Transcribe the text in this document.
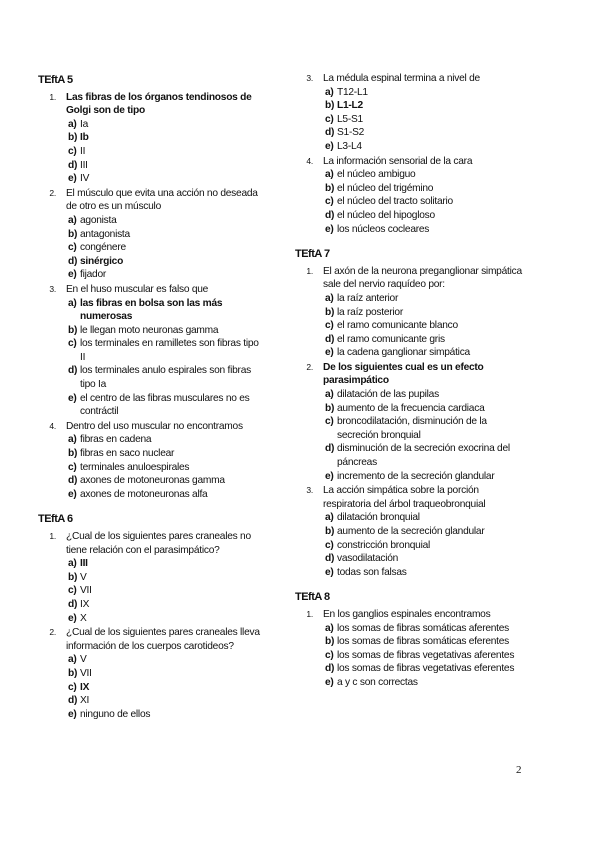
TEftA 5
1. Las fibras de los órganos tendinosos de Golgi son de tipo
a) Ia
b) Ib
c) II
d) III
e) IV
2. El músculo que evita una acción no deseada de otro es un músculo
a) agonista
b) antagonista
c) congénere
d) sinérgico
e) fijador
3. En el huso muscular es falso que
a) las fibras en bolsa son las más numerosas
b) le llegan moto neuronas gamma
c) los terminales en ramilletes son fibras tipo II
d) los terminales anulo espirales son fibras tipo Ia
e) el centro de las fibras musculares no es contráctil
4. Dentro del uso muscular no encontramos
a) fibras en cadena
b) fibras en saco nuclear
c) terminales anuloespirales
d) axones de motoneuronas gamma
e) axones de motoneuronas alfa
TEftA 6
1. ¿Cual de los siguientes pares craneales no tiene relación con el parasimpático?
a) III
b) V
c) VII
d) IX
e) X
2. ¿Cual de los siguientes pares craneales lleva información de los cuerpos carotideos?
a) V
b) VII
c) IX
d) XI
e) ninguno de ellos
3. La médula espinal termina a nivel de
a) T12-L1
b) L1-L2
c) L5-S1
d) S1-S2
e) L3-L4
4. La información sensorial de la cara
a) el núcleo ambiguo
b) el núcleo del trigémino
c) el núcleo del tracto solitario
d) el núcleo del hipogloso
e) los núcleos cocleares
TEftA 7
1. El axón de la neurona preganglionar simpática sale del nervio raquídeo por:
a) la raíz anterior
b) la raíz posterior
c) el ramo comunicante blanco
d) el ramo comunicante gris
e) la cadena ganglionar simpática
2. De los siguientes cual es un efecto parasimpático
a) dilatación de las pupilas
b) aumento de la frecuencia cardiaca
c) broncodilatación, disminución de la secreción bronquial
d) disminución de la secreción exocrina del páncreas
e) incremento de la secreción glandular
3. La acción simpática sobre la porción respiratoria del árbol traqueobronquial
a) dilatación bronquial
b) aumento de la secreción glandular
c) constricción bronquial
d) vasodilatación
e) todas son falsas
TEftA 8
1. En los ganglios espinales encontramos
a) los somas de fibras somáticas aferentes
b) los somas de fibras somáticas eferentes
c) los somas de fibras vegetativas aferentes
d) los somas de fibras vegetativas eferentes
e) a y c son correctas
2
